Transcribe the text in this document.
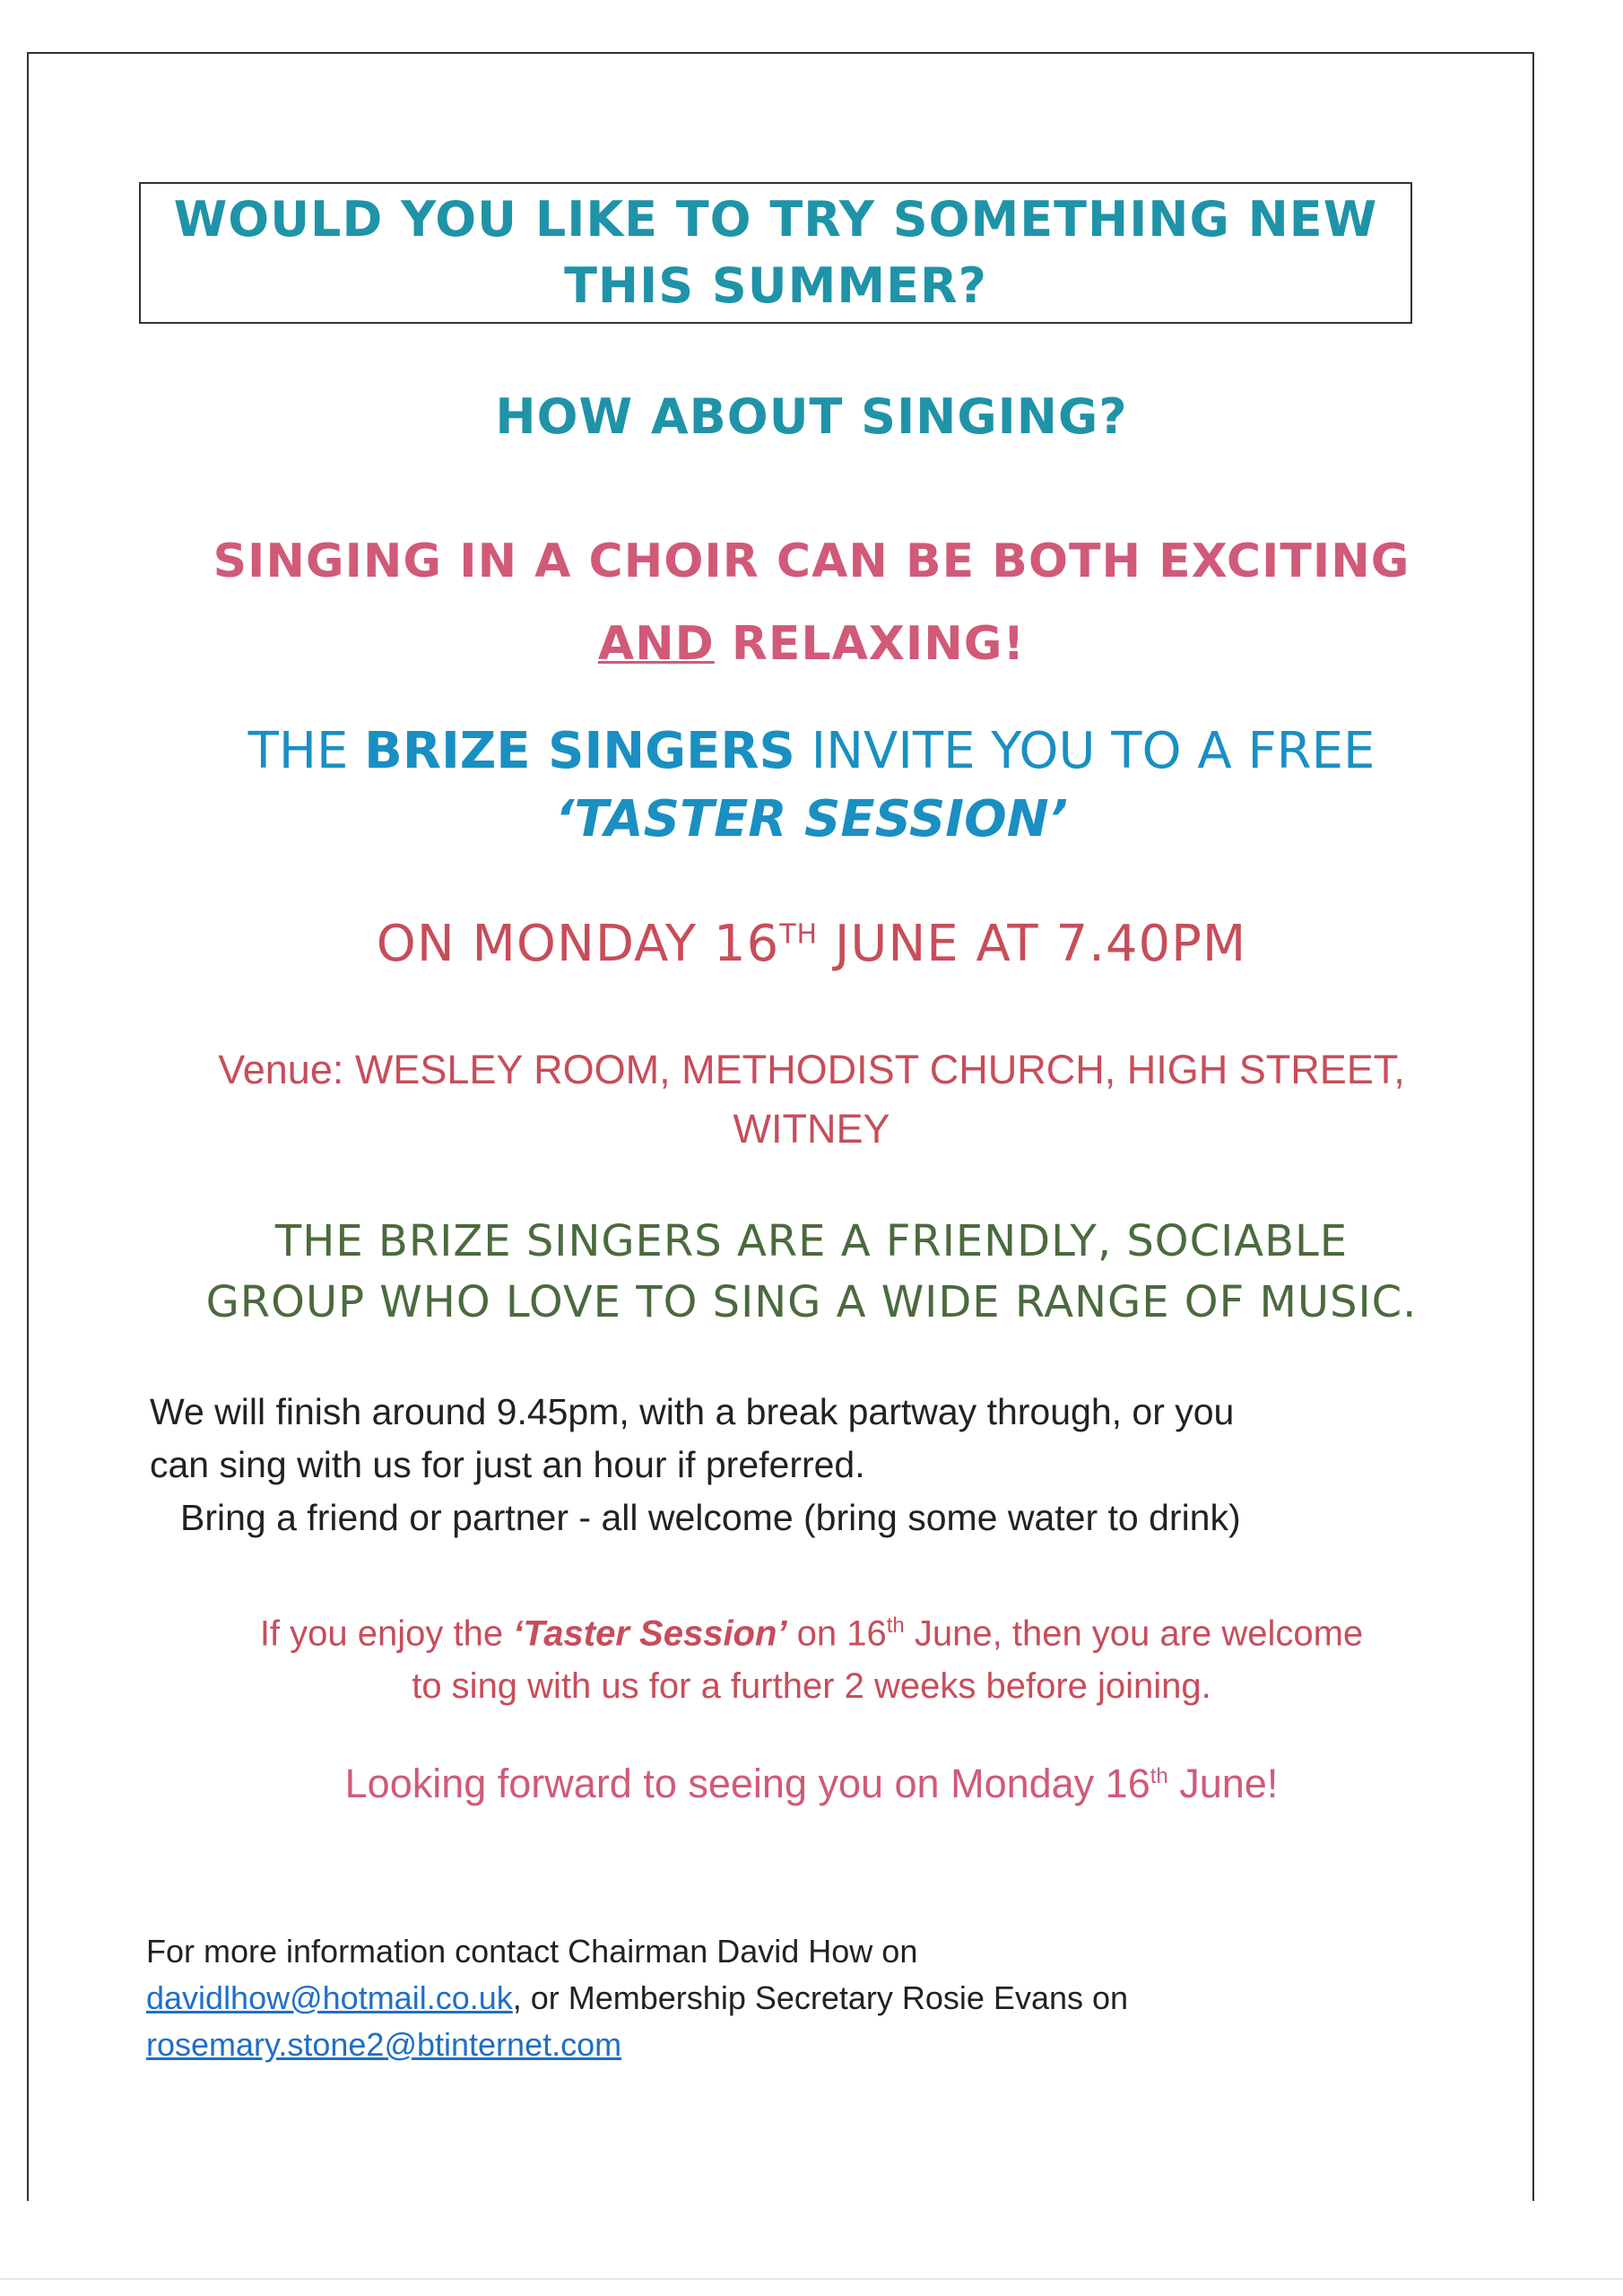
WOULD YOU LIKE TO TRY SOMETHING NEW
THIS SUMMER?
HOW ABOUT SINGING?
SINGING IN A CHOIR CAN BE BOTH EXCITING
AND RELAXING!
THE BRIZE SINGERS INVITE YOU TO A FREE
‘TASTER SESSION’
ON MONDAY 16TH JUNE AT 7.40PM
Venue: WESLEY ROOM, METHODIST CHURCH, HIGH STREET,
WITNEY
THE BRIZE SINGERS ARE A FRIENDLY, SOCIABLE
GROUP WHO LOVE TO SING A WIDE RANGE OF MUSIC.
We will finish around 9.45pm, with a break partway through, or you
can sing with us for just an hour if preferred.
Bring a friend or partner - all welcome (bring some water to drink)
If you enjoy the ‘Taster Session’ on 16th June, then you are welcome
to sing with us for a further 2 weeks before joining.
Looking forward to seeing you on Monday 16th June!
For more information contact Chairman David How on
davidlhow@hotmail.co.uk, or Membership Secretary Rosie Evans on
rosemary.stone2@btinternet.com
